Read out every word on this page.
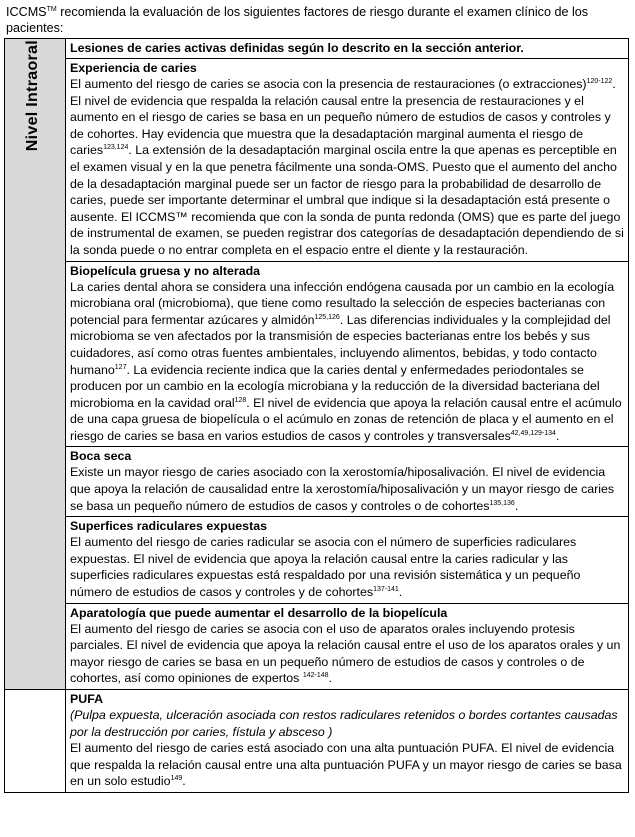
ICCMS™ recomienda la evaluación de los siguientes factores de riesgo durante el examen clínico de los pacientes:
Nivel Intraoral	Lesiones de caries activas definidas según lo descrito en la sección anterior.

	Experiencia de caries
El aumento del riesgo de caries se asocia con la presencia de restauraciones (o extracciones)$^{120-122}$. El nivel de evidencia que respalda la relación causal entre la presencia de restauraciones y el aumento en el riesgo de caries se basa en un pequeño número de estudios de casos y controles y de cohortes. Hay evidencia que muestra que la desadaptación marginal aumenta el riesgo de caries$^{123,124}$. La extensión de la desadaptación marginal oscila entre la que apenas es perceptible en el examen visual y en la que penetra fácilmente una sonda-OMS. Puesto que el aumento del ancho de la desadaptación marginal puede ser un factor de riesgo para la probabilidad de desarrollo de caries, puede ser importante determinar el umbral que indique si la desadaptación está presente o ausente. El ICCMS™ recomienda que con la sonda de punta redonda (OMS) que es parte del juego de instrumental de examen, se pueden registrar dos categorías de desadaptación dependiendo de si la sonda puede o no entrar completa en el espacio entre el diente y la restauración.

	Biopelícula gruesa y no alterada
La caries dental ahora se considera una infección endógena causada por un cambio en la ecología microbiana oral (microbioma), que tiene como resultado la selección de especies bacterianas con potencial para fermentar azúcares y almidón$^{125,126}$. Las diferencias individuales y la complejidad del microbioma se ven afectados por la transmisión de especies bacterianas entre los bebés y sus cuidadores, así como otras fuentes ambientales, incluyendo alimentos, bebidas, y todo contacto humano$^{127}$. La evidencia reciente indica que la caries dental y enfermedades periodontales se producen por un cambio en la ecología microbiana y la reducción de la diversidad bacteriana del microbioma en la cavidad oral$^{128}$. El nivel de evidencia que apoya la relación causal entre el acúmulo de una capa gruesa de biopelícula o el acúmulo en zonas de retención de placa y el aumento en el riesgo de caries se basa en varios estudios de casos y controles y transversales$^{42,49,129-134}$.

	Boca seca
Existe un mayor riesgo de caries asociado con la xerostomía/hiposalivación. El nivel de evidencia que apoya la relación de causalidad entre la xerostomía/hiposalivación y un mayor riesgo de caries se basa un pequeño número de estudios de casos y controles o de cohortes$^{135,136}$.

	Superfices radiculares expuestas
El aumento del riesgo de caries radicular se asocia con el número de superficies radiculares expuestas. El nivel de evidencia que apoya la relación causal entre la caries radicular y las superficies radiculares expuestas está respaldado por una revisión sistemática y un pequeño número de estudios de casos y controles y de cohortes$^{137-141}$.

	Aparatología que puede aumentar el desarrollo de la biopelícula
El aumento del riesgo de caries se asocia con el uso de aparatos orales incluyendo protesis parciales. El nivel de evidencia que apoya la relación causal entre el uso de los aparatos orales y un mayor riesgo de caries se basa en un pequeño número de estudios de casos y controles o de cohortes, así como opiniones de expertos $^{142-148}$.

	PUFA
(Pulpa expuesta, ulceración asociada con restos radiculares retenidos o bordes cortantes causadas por la destrucción por caries, fístula y absceso )
El aumento del riesgo de caries está asociado con una alta puntuación PUFA. El nivel de evidencia que respalda la relación causal entre una alta puntuación PUFA y un mayor riesgo de caries se basa en un solo estudio$^{149}$.
